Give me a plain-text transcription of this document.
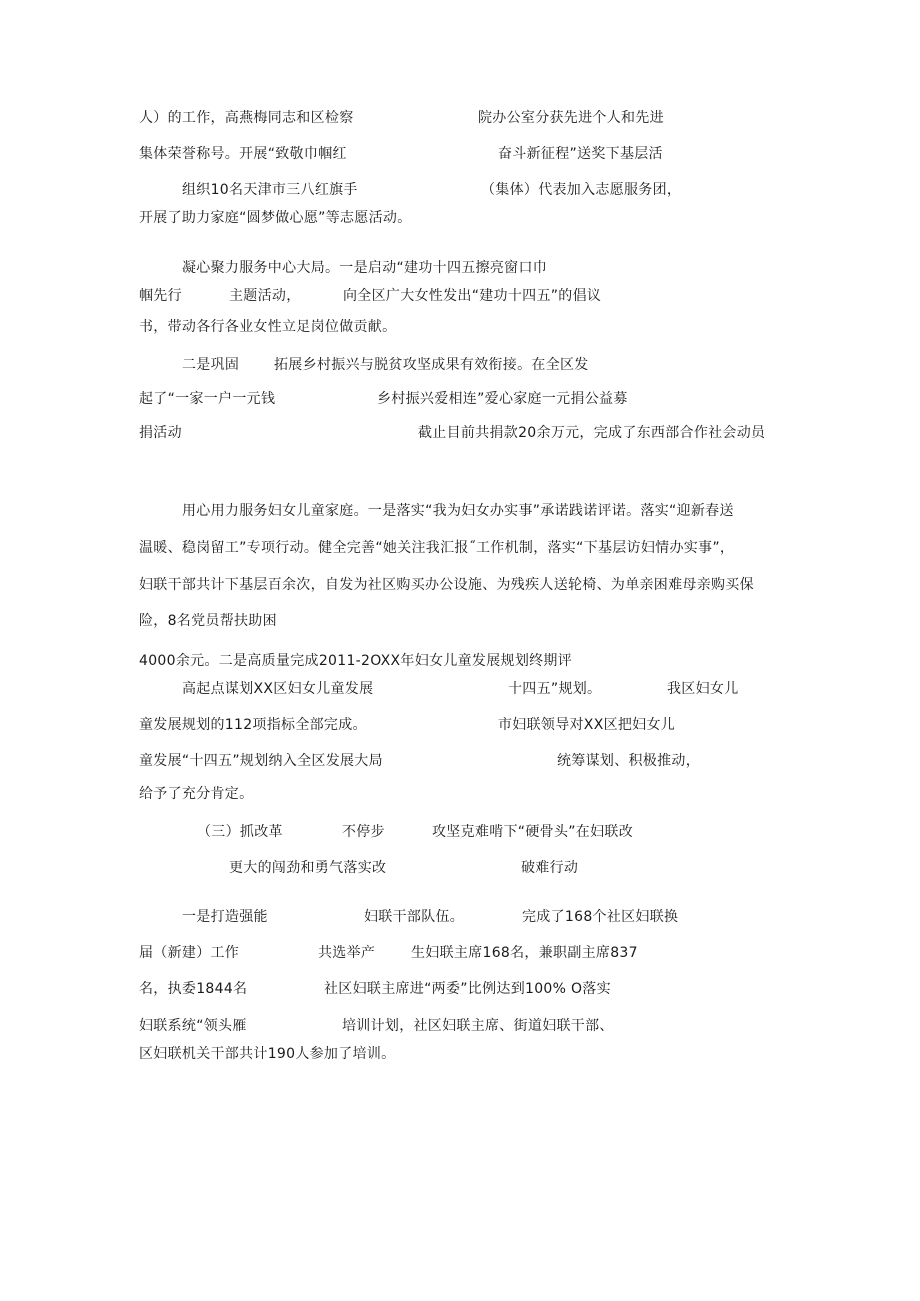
人）的工作，高燕梅同志和区检察	院办公室分获先进个人和先进
集体荣誉称号。开展“致敬巾帼红	奋斗新征程”送奖下基层活
组织10名天津市三八红旗手	（集体）代表加入志愿服务团，
开展了助力家庭“圆梦做心愿”等志愿活动。
凝心聚力服务中心大局。一是启动“建功十四五擦亮窗口巾
帼先行	主题活动，	向全区广大女性发出“建功十四五”的倡议
书，带动各行各业女性立足岗位做贡献。
二是巩固 拓展乡村振兴与脱贫攻坚成果有效衔接。在全区发
起了“一家一户一元钱	乡村振兴爱相连”爱心家庭一元捐公益募
捐活动	截止目前共捐款20余万元，完成了东西部合作社会动员
用心用力服务妇女儿童家庭。一是落实“我为妇女办实事”承诺践诺评诺。落实“迎新春送
温暖、稳岗留工”专项行动。健全完善“她关注我汇报˝工作机制，落实“下基层访妇情办实事”，
妇联干部共计下基层百余次，自发为社区购买办公设施、为残疾人送轮椅、为单亲困难母亲购买保
险，8名党员帮扶助困
4000余元。二是高质量完成2011-2OXX年妇女儿童发展规划终期评
高起点谋划XX区妇女儿童发展	十四五”规划。	我区妇女儿
童发展规划的112项指标全部完成。	市妇联领导对XX区把妇女儿
童发展“十四五”规划纳入全区发展大局	统筹谋划、积极推动，
给予了充分肯定。
（三）抓改革	不停步	攻坚克难啃下“硬骨头”在妇联改
更大的闯劲和勇气落实改	破难行动
一是打造强能	妇联干部队伍。	完成了168个社区妇联换
届（新建）工作	共选举产	生妇联主席168名，兼职副主席837
名，执委1844名	社区妇联主席进“两委”比例达到100% O落实
妇联系统“领头雁	培训计划，社区妇联主席、街道妇联干部、
区妇联机关干部共计190人参加了培训。
